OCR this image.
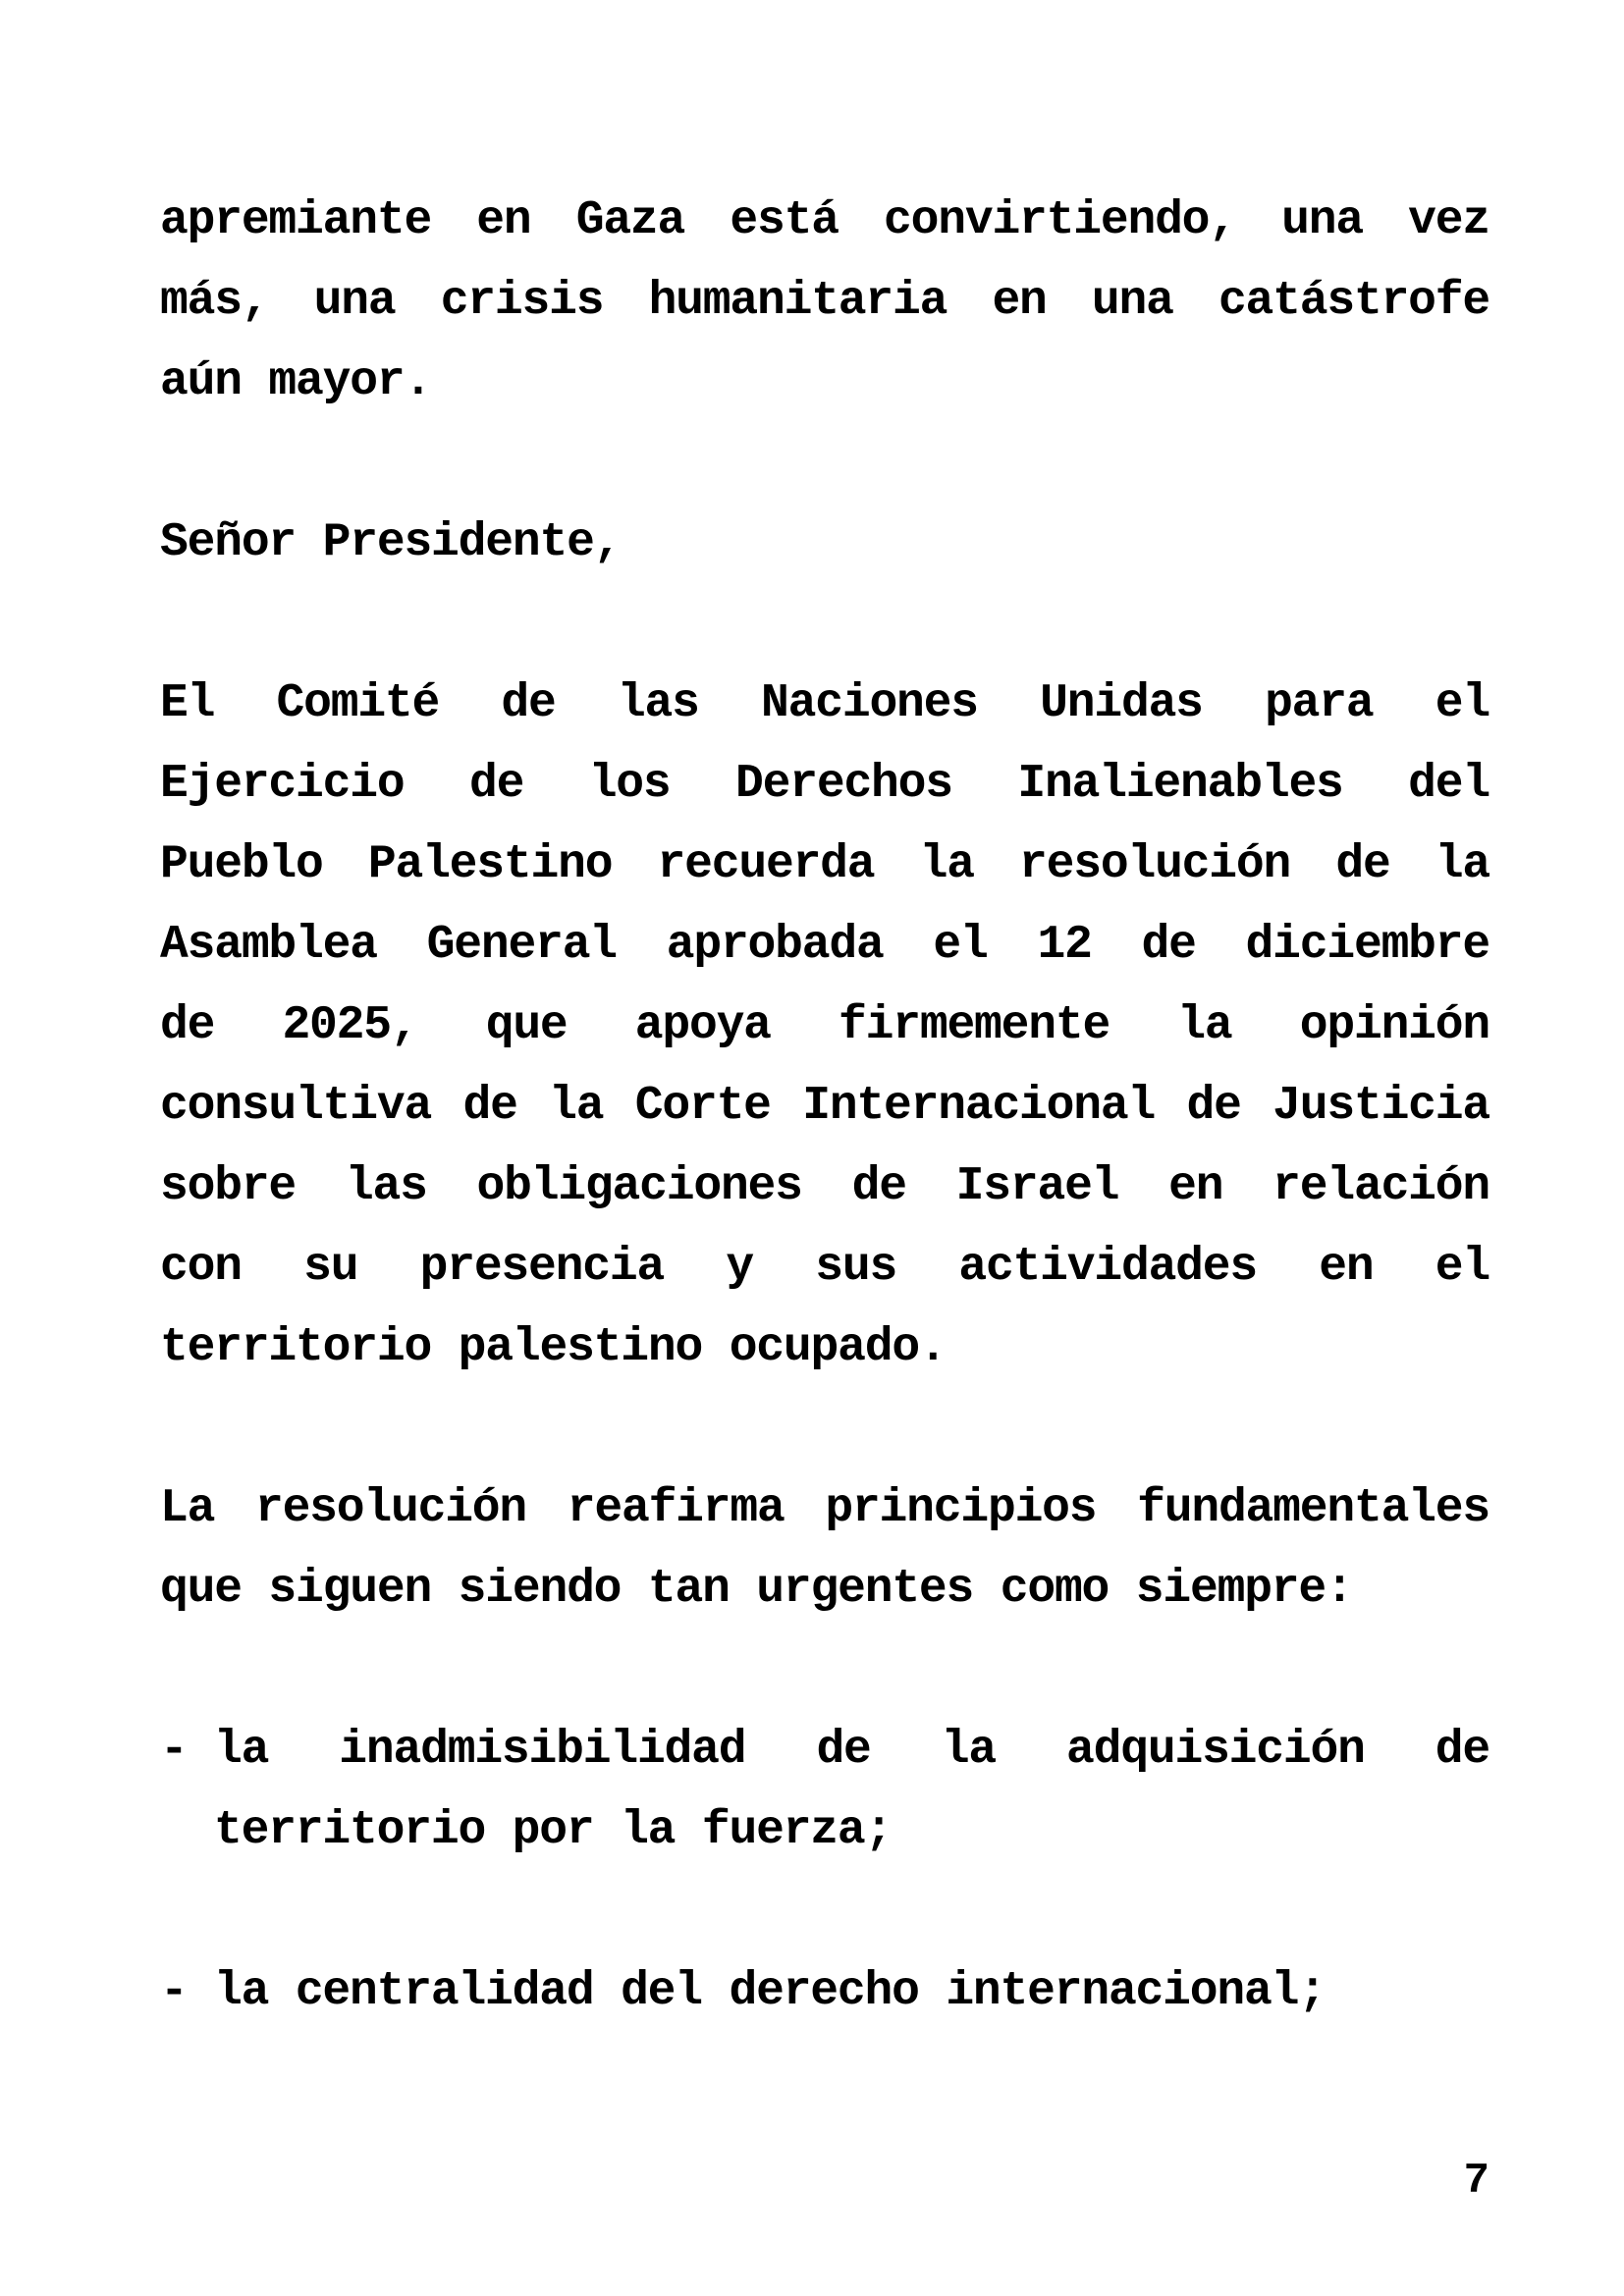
apremiante en Gaza está convirtiendo, una vez
más, una crisis humanitaria en una catástrofe
aún mayor.
Señor Presidente,
El Comité de las Naciones Unidas para el
Ejercicio de los Derechos Inalienables del
Pueblo Palestino recuerda la resolución de la
Asamblea General aprobada el 12 de diciembre
de 2025, que apoya firmemente la opinión
consultiva de la Corte Internacional de Justicia
sobre las obligaciones de Israel en relación
con su presencia y sus actividades en el
territorio palestino ocupado.
La resolución reafirma principios fundamentales
que siguen siendo tan urgentes como siempre:
- la inadmisibilidad de la adquisición de
territorio por la fuerza;
- la centralidad del derecho internacional;
7
